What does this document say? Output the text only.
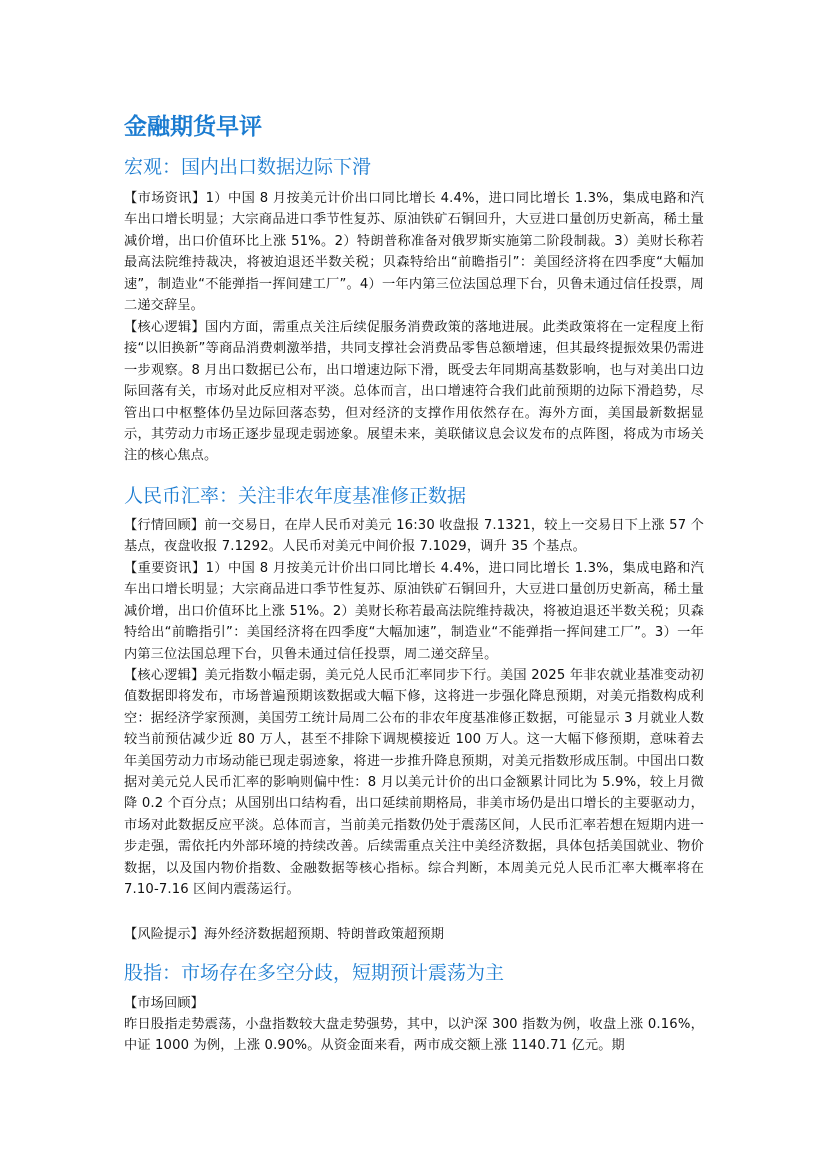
金融期货早评
宏观：国内出口数据边际下滑
【市场资讯】1）中国 8 月按美元计价出口同比增长 4.4%，进口同比增长 1.3%，集成电路和汽车出口增长明显；大宗商品进口季节性复苏、原油铁矿石铜回升，大豆进口量创历史新高，稀土量减价增，出口价值环比上涨 51%。2）特朗普称准备对俄罗斯实施第二阶段制裁。3）美财长称若最高法院维持裁决，将被迫退还半数关税；贝森特给出“前瞻指引”：美国经济将在四季度“大幅加速”，制造业“不能弹指一挥间建工厂”。4）一年内第三位法国总理下台，贝鲁未通过信任投票，周二递交辞呈。
【核心逻辑】国内方面，需重点关注后续促服务消费政策的落地进展。此类政策将在一定程度上衔接“以旧换新”等商品消费刺激举措，共同支撑社会消费品零售总额增速，但其最终提振效果仍需进一步观察。8 月出口数据已公布，出口增速边际下滑，既受去年同期高基数影响，也与对美出口边际回落有关，市场对此反应相对平淡。总体而言，出口增速符合我们此前预期的边际下滑趋势，尽管出口中枢整体仍呈边际回落态势，但对经济的支撑作用依然存在。海外方面，美国最新数据显示，其劳动力市场正逐步显现走弱迹象。展望未来，美联储议息会议发布的点阵图，将成为市场关注的核心焦点。
人民币汇率：关注非农年度基准修正数据
【行情回顾】前一交易日，在岸人民币对美元 16:30 收盘报 7.1321，较上一交易日下上涨 57 个基点，夜盘收报 7.1292。人民币对美元中间价报 7.1029，调升 35 个基点。
【重要资讯】1）中国 8 月按美元计价出口同比增长 4.4%，进口同比增长 1.3%，集成电路和汽车出口增长明显；大宗商品进口季节性复苏、原油铁矿石铜回升，大豆进口量创历史新高，稀土量减价增，出口价值环比上涨 51%。2）美财长称若最高法院维持裁决，将被迫退还半数关税；贝森特给出“前瞻指引”：美国经济将在四季度“大幅加速”，制造业“不能弹指一挥间建工厂”。3）一年内第三位法国总理下台，贝鲁未通过信任投票，周二递交辞呈。
【核心逻辑】美元指数小幅走弱，美元兑人民币汇率同步下行。美国 2025 年非农就业基准变动初值数据即将发布，市场普遍预期该数据或大幅下修，这将进一步强化降息预期，对美元指数构成利空：据经济学家预测，美国劳工统计局周二公布的非农年度基准修正数据，可能显示 3 月就业人数较当前预估减少近 80 万人，甚至不排除下调规模接近 100 万人。这一大幅下修预期，意味着去年美国劳动力市场动能已现走弱迹象，将进一步推升降息预期，对美元指数形成压制。中国出口数据对美元兑人民币汇率的影响则偏中性：8 月以美元计价的出口金额累计同比为 5.9%，较上月微降 0.2 个百分点；从国别出口结构看，出口延续前期格局，非美市场仍是出口增长的主要驱动力，市场对此数据反应平淡。总体而言，当前美元指数仍处于震荡区间，人民币汇率若想在短期内进一步走强，需依托内外部环境的持续改善。后续需重点关注中美经济数据，具体包括美国就业、物价数据，以及国内物价指数、金融数据等核心指标。综合判断，本周美元兑人民币汇率大概率将在 7.10-7.16 区间内震荡运行。
【风险提示】海外经济数据超预期、特朗普政策超预期
股指：市场存在多空分歧，短期预计震荡为主
【市场回顾】
昨日股指走势震荡，小盘指数较大盘走势强势，其中，以沪深 300 指数为例，收盘上涨 0.16%，中证 1000 为例，上涨 0.90%。从资金面来看，两市成交额上涨 1140.71 亿元。期
